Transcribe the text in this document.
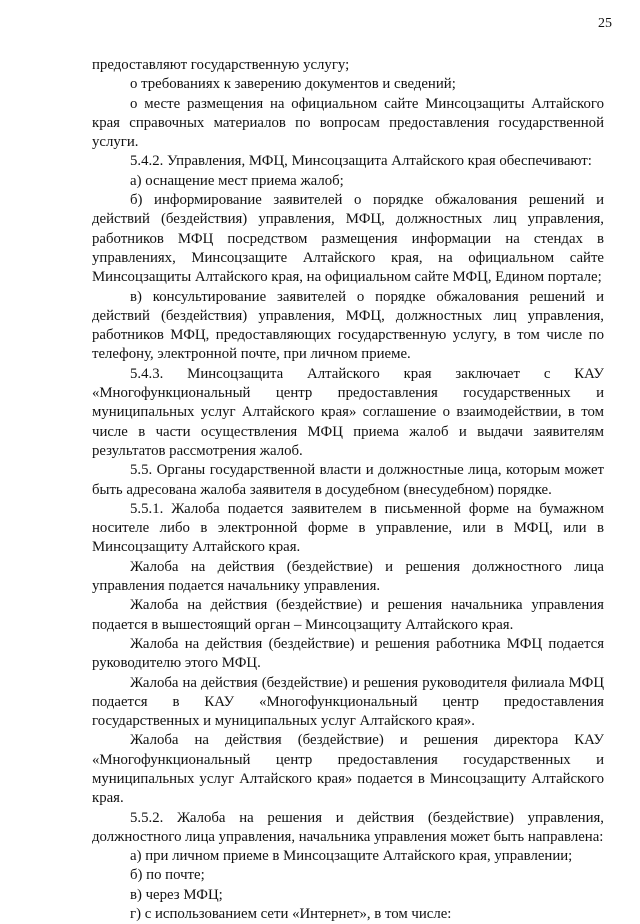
25

предоставляют государственную услугу;

о требованиях к заверению документов и сведений;

о месте размещения на официальном сайте Минсоцзащиты Алтайского края справочных материалов по вопросам предоставления государственной услуги.

5.4.2. Управления, МФЦ, Минсоцзащита Алтайского края обеспечивают:

а) оснащение мест приема жалоб;

б) информирование заявителей о порядке обжалования решений и действий (бездействия) управления, МФЦ, должностных лиц управления, работников МФЦ посредством размещения информации на стендах в управлениях, Минсоцзащите Алтайского края, на официальном сайте Минсоцзащиты Алтайского края, на официальном сайте МФЦ, Едином портале;

в) консультирование заявителей о порядке обжалования решений и действий (бездействия) управления, МФЦ, должностных лиц управления, работников МФЦ, предоставляющих государственную услугу, в том числе по телефону, электронной почте, при личном приеме.

5.4.3. Минсоцзащита Алтайского края заключает с КАУ «Многофункциональный центр предоставления государственных и муниципальных услуг Алтайского края» соглашение о взаимодействии, в том числе в части осуществления МФЦ приема жалоб и выдачи заявителям результатов рассмотрения жалоб.

5.5. Органы государственной власти и должностные лица, которым может быть адресована жалоба заявителя в досудебном (внесудебном) порядке.

5.5.1. Жалоба подается заявителем в письменной форме на бумажном носителе либо в электронной форме в управление, или в МФЦ, или в Минсоцзащиту Алтайского края.

Жалоба на действия (бездействие) и решения должностного лица управления подается начальнику управления.

Жалоба на действия (бездействие) и решения начальника управления подается в вышестоящий орган – Минсоцзащиту Алтайского края.

Жалоба на действия (бездействие) и решения работника МФЦ подается руководителю этого МФЦ.

Жалоба на действия (бездействие) и решения руководителя филиала МФЦ подается в КАУ «Многофункциональный центр предоставления государственных и муниципальных услуг Алтайского края».

Жалоба на действия (бездействие) и решения директора КАУ «Многофункциональный центр предоставления государственных и муниципальных услуг Алтайского края» подается в Минсоцзащиту Алтайского края.

5.5.2. Жалоба на решения и действия (бездействие) управления, должностного лица управления, начальника управления может быть направлена:

а) при личном приеме в Минсоцзащите Алтайского края, управлении;

б) по почте;

в) через МФЦ;

г) с использованием сети «Интернет», в том числе:
